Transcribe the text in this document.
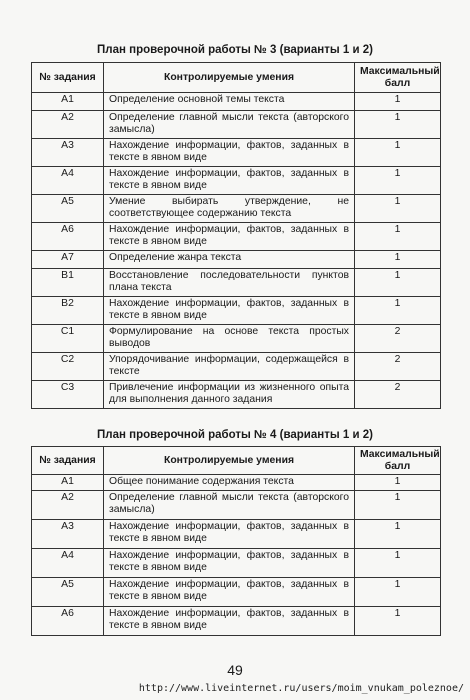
План проверочной работы № 3 (варианты 1 и 2)
№ задания	Контролируемые умения	Максимальный балл
А1	Определение основной темы текста	1
А2	Определение главной мысли текста (авторского замысла)	1
А3	Нахождение информации, фактов, заданных в тексте в явном виде	1
А4	Нахождение информации, фактов, заданных в тексте в явном виде	1
А5	Умение выбирать утверждение, не соответствующее содержанию текста	1
А6	Нахождение информации, фактов, заданных в тексте в явном виде	1
А7	Определение жанра текста	1
В1	Восстановление последовательности пунктов плана текста	1
В2	Нахождение информации, фактов, заданных в тексте в явном виде	1
С1	Формулирование на основе текста простых выводов	2
С2	Упорядочивание информации, содержащейся в тексте	2
С3	Привлечение информации из жизненного опыта для выполнения данного задания	2
План проверочной работы № 4 (варианты 1 и 2)
№ задания	Контролируемые умения	Максимальный балл
А1	Общее понимание содержания текста	1
А2	Определение главной мысли текста (авторского замысла)	1
А3	Нахождение информации, фактов, заданных в тексте в явном виде	1
А4	Нахождение информации, фактов, заданных в тексте в явном виде	1
А5	Нахождение информации, фактов, заданных в тексте в явном виде	1
А6	Нахождение информации, фактов, заданных в тексте в явном виде	1
49
http://www.liveinternet.ru/users/moim_vnukam_poleznoe/
